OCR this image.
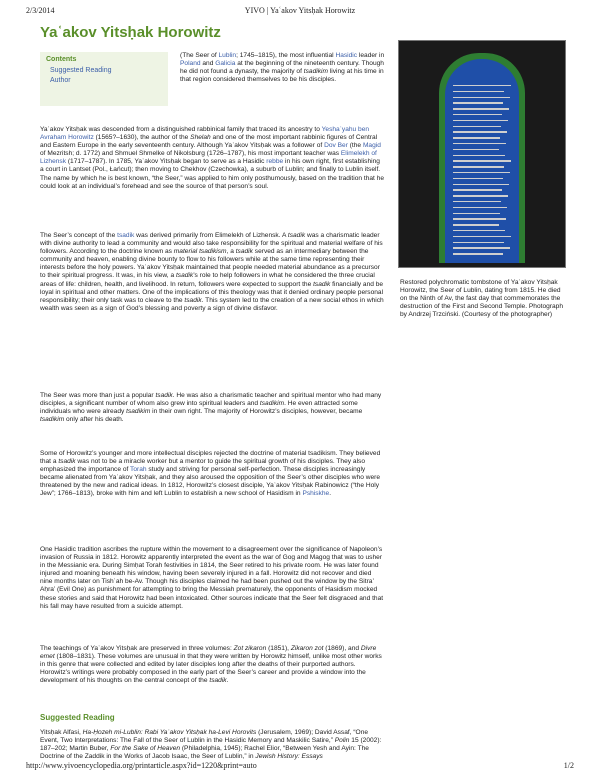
2/3/2014	YIVO | Yaʿakov Yitsḥak Horowitz
Yaʿakov Yitsḥak Horowitz
Contents
Suggested Reading
Author

(The Seer of Lublin; 1745–1815), the most influential Hasidic leader in Poland and Galicia at the beginning of the nineteenth century. Though he did not found a dynasty, the majority of tsadikim living at his time in that region considered themselves to be his disciples.

Yaʿakov Yitsḥak was descended from a distinguished rabbinical family that traced its ancestry to Yeshaʿyahu ben Avraham Horowitz (1565?–1630), the author of the Shelah and one of the most important rabbinic figures of Central and Eastern Europe in the early seventeenth century. Although Yaʿakov Yitsḥak was a follower of Dov Ber (the Magid of Mezritsh; d. 1772) and Shmuel Shmelke of Nikolsburg (1726–1787), his most important teacher was Elimelekh of Lizhensk (1717–1787). In 1785, Yaʿakov Yitsḥak began to serve as a Hasidic rebbe in his own right, first establishing a court in Lantset (Pol., Łańcut); then moving to Chekhov (Czechowka), a suburb of Lublin; and finally to Lublin itself. The name by which he is best known, “the Seer,” was applied to him only posthumously, based on the tradition that he could look at an individual’s forehead and see the source of that person’s soul.

The Seer’s concept of the tsadik was derived primarily from Elimelekh of Lizhensk. A tsadik was a charismatic leader with divine authority to lead a community and would also take responsibility for the spiritual and material welfare of his followers. According to the doctrine known as material tsadikism, a tsadik served as an intermediary between the community and heaven, enabling divine bounty to flow to his followers while at the same time representing their interests before the holy powers. Yaʿakov Yitsḥak maintained that people needed material abundance as a precursor to their spiritual progress. It was, in his view, a tsadik’s role to help followers in what he considered the three crucial areas of life: children, health, and livelihood. In return, followers were expected to support the tsadik financially and be loyal in spiritual and other matters. One of the implications of this theology was that it denied ordinary people personal responsibility; their only task was to cleave to the tsadik. This system led to the creation of a new social ethos in which wealth was seen as a sign of God’s blessing and poverty a sign of divine disfavor.

The Seer was more than just a popular tsadik. He was also a charismatic teacher and spiritual mentor who had many disciples, a significant number of whom also grew into spiritual leaders and tsadikim. He even attracted some individuals who were already tsadikim in their own right. The majority of Horowitz’s disciples, however, became tsadikim only after his death.

Some of Horowitz’s younger and more intellectual disciples rejected the doctrine of material tsadikism. They believed that a tsadik was not to be a miracle worker but a mentor to guide the spiritual growth of his disciples. They also emphasized the importance of Torah study and striving for personal self-perfection. These disciples increasingly became alienated from Yaʿakov Yitsḥak, and they also aroused the opposition of the Seer’s other disciples who were threatened by the new and radical ideas. In 1812, Horowitz’s closest disciple, Yaʿakov Yitsḥak Rabinowicz (“the Holy Jew”; 1766–1813), broke with him and left Lublin to establish a new school of Hasidism in Pshiskhe.

One Hasidic tradition ascribes the rupture within the movement to a disagreement over the significance of Napoleon’s invasion of Russia in 1812. Horowitz apparently interpreted the event as the war of Gog and Magog that was to usher in the Messianic era. During Simḥat Torah festivities in 1814, the Seer retired to his private room. He was later found injured and moaning beneath his window, having been severely injured in a fall. Horowitz did not recover and died nine months later on Tishʿah be-Av. Though his disciples claimed he had been pushed out the window by the Sitra’ Aḥra’ (Evil One) as punishment for attempting to bring the Messiah prematurely, the opponents of Hasidism mocked these stories and said that Horowitz had been intoxicated. Other sources indicate that the Seer felt disgraced and that his fall may have resulted from a suicide attempt.

The teachings of Yaʿakov Yitsḥak are preserved in three volumes: Zot zikaron (1851), Zikaron zot (1869), and Divre emet (1808–1831). These volumes are unusual in that they were written by Horowitz himself, unlike most other works in this genre that were collected and edited by later disciples long after the deaths of their purported authors. Horowitz’s writings were probably composed in the early part of the Seer’s career and provide a window into the development of his thoughts on the central concept of the tsadik.

Suggested Reading

Yitsḥak Alfasi, Ha-Ḥozeh mi-Lublin: Rabi Yaʿakov Yitsḥak ha-Levi Horovits (Jerusalem, 1969); David Assaf, “One Event, Two Interpretations: The Fall of the Seer of Lublin in the Hasidic Memory and Maskilic Satire,” Polin 15 (2002): 187–202; Martin Buber, For the Sake of Heaven (Philadelphia, 1945); Rachel Elior, “Between Yesh and Ayin: The Doctrine of the Zaddik in the Works of Jacob Isaac, the Seer of Lublin,” in Jewish History: Essays

Restored polychromatic tombstone of Yaʿakov Yitsḥak Horowitz, the Seer of Lublin, dating from 1815. He died on the Ninth of Av, the fast day that commemorates the destruction of the First and Second Temple. Photograph by Andrzej Trzciński. (Courtesy of the photographer)

http://www.yivoencyclopedia.org/printarticle.aspx?id=1220&print=auto	1/2
